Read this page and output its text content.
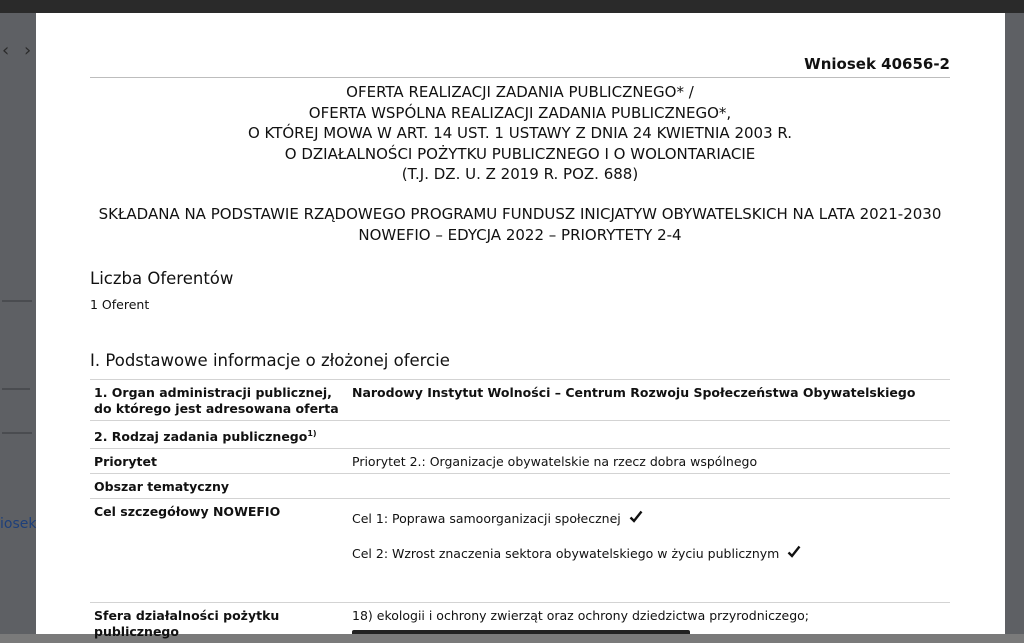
‹ ›
iosek
Wniosek 40656-2
OFERTA REALIZACJI ZADANIA PUBLICZNEGO* /
OFERTA WSPÓLNA REALIZACJI ZADANIA PUBLICZNEGO*,
O KTÓREJ MOWA W ART. 14 UST. 1 USTAWY Z DNIA 24 KWIETNIA 2003 R.
O DZIAŁALNOŚCI POŻYTKU PUBLICZNEGO I O WOLONTARIACIE
(T.J. DZ. U. Z 2019 R. POZ. 688)
SKŁADANA NA PODSTAWIE RZĄDOWEGO PROGRAMU FUNDUSZ INICJATYW OBYWATELSKICH NA LATA 2021-2030
NOWEFIO – EDYCJA 2022 – PRIORYTETY 2-4
Liczba Oferentów
1 Oferent
I. Podstawowe informacje o złożonej ofercie
1. Organ administracji publicznej, do którego jest adresowana oferta	Narodowy Instytut Wolności – Centrum Rozwoju Społeczeństwa Obywatelskiego
2. Rodzaj zadania publicznego$^{1)}$	
Priorytet	Priorytet 2.: Organizacje obywatelskie na rzecz dobra wspólnego
Obszar tematyczny	
Cel szczegółowy NOWEFIO	Cel 1: Poprawa samoorganizacji społecznej
Cel 2: Wzrost znaczenia sektora obywatelskiego w życiu publicznym

Sfera działalności pożytku publicznego	18) ekologii i ochrony zwierząt oraz ochrony dziedzictwa przyrodniczego;
